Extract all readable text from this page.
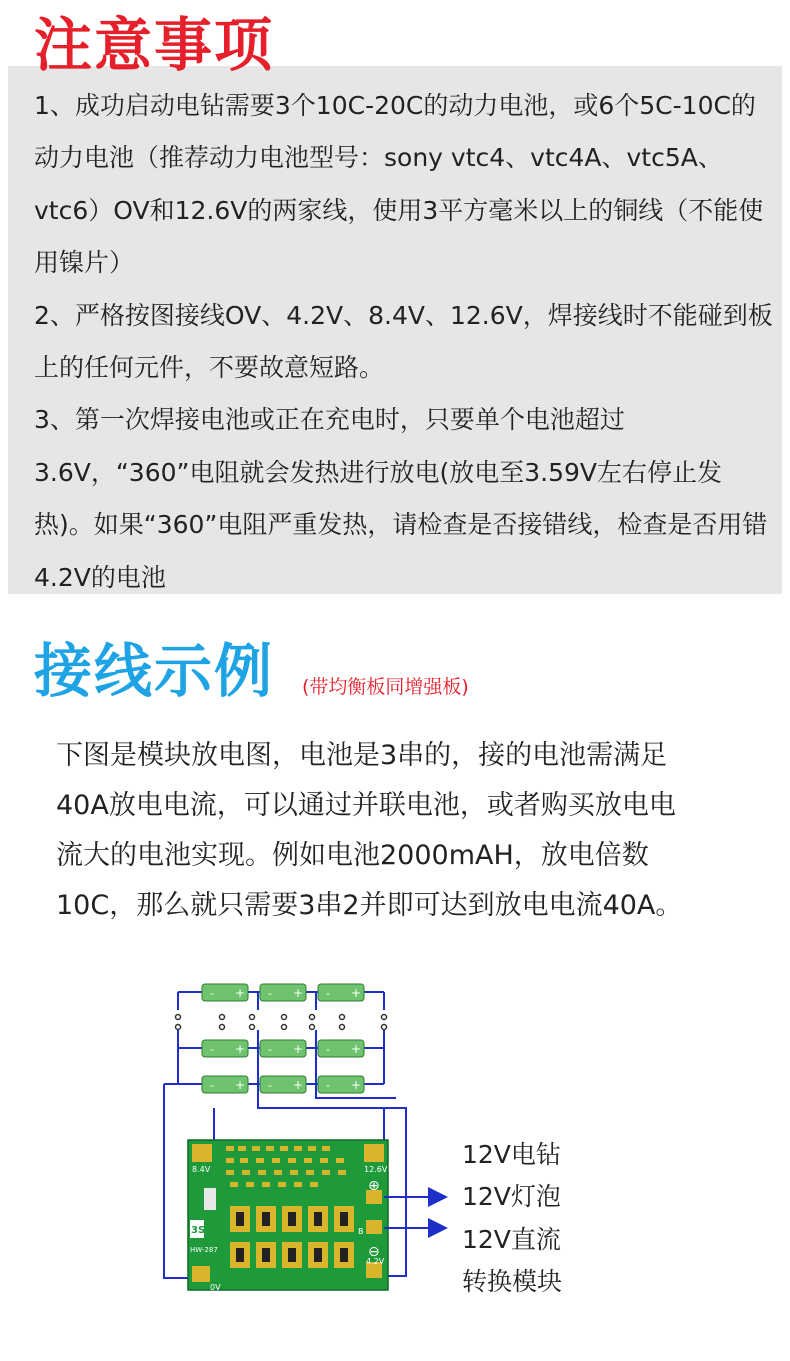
注意事项

1、成功启动电钻需要3个10C-20C的动力电池，或6个5C-10C的动力电池（推荐动力电池型号：sony vtc4、vtc4A、vtc5A、vtc6）OV和12.6V的两家线，使用3平方毫米以上的铜线（不能使用镍片）

2、严格按图接线OV、4.2V、8.4V、12.6V，焊接线时不能碰到板上的任何元件，不要故意短路。

3、第一次焊接电池或正在充电时，只要单个电池超过3.6V，“360”电阻就会发热进行放电(放电至3.59V左右停止发热)。如果“360”电阻严重发热，请检查是否接错线，检查是否用错4.2V的电池

接线示例 (带均衡板同增强板)

下图是模块放电图，电池是3串的，接的电池需满足

40A放电电流，可以通过并联电池，或者购买放电电

流大的电池实现。例如电池2000mAH，放电倍数

10C，那么就只需要3串2并即可达到放电电流40A。

- + - + - +
- + - + - +
- + - + - +
8.4V	12.6V
4.2V
0V
3S
HW-287
B
⊕
⊖
12V电钻
12V灯泡
12V直流
转换模块
